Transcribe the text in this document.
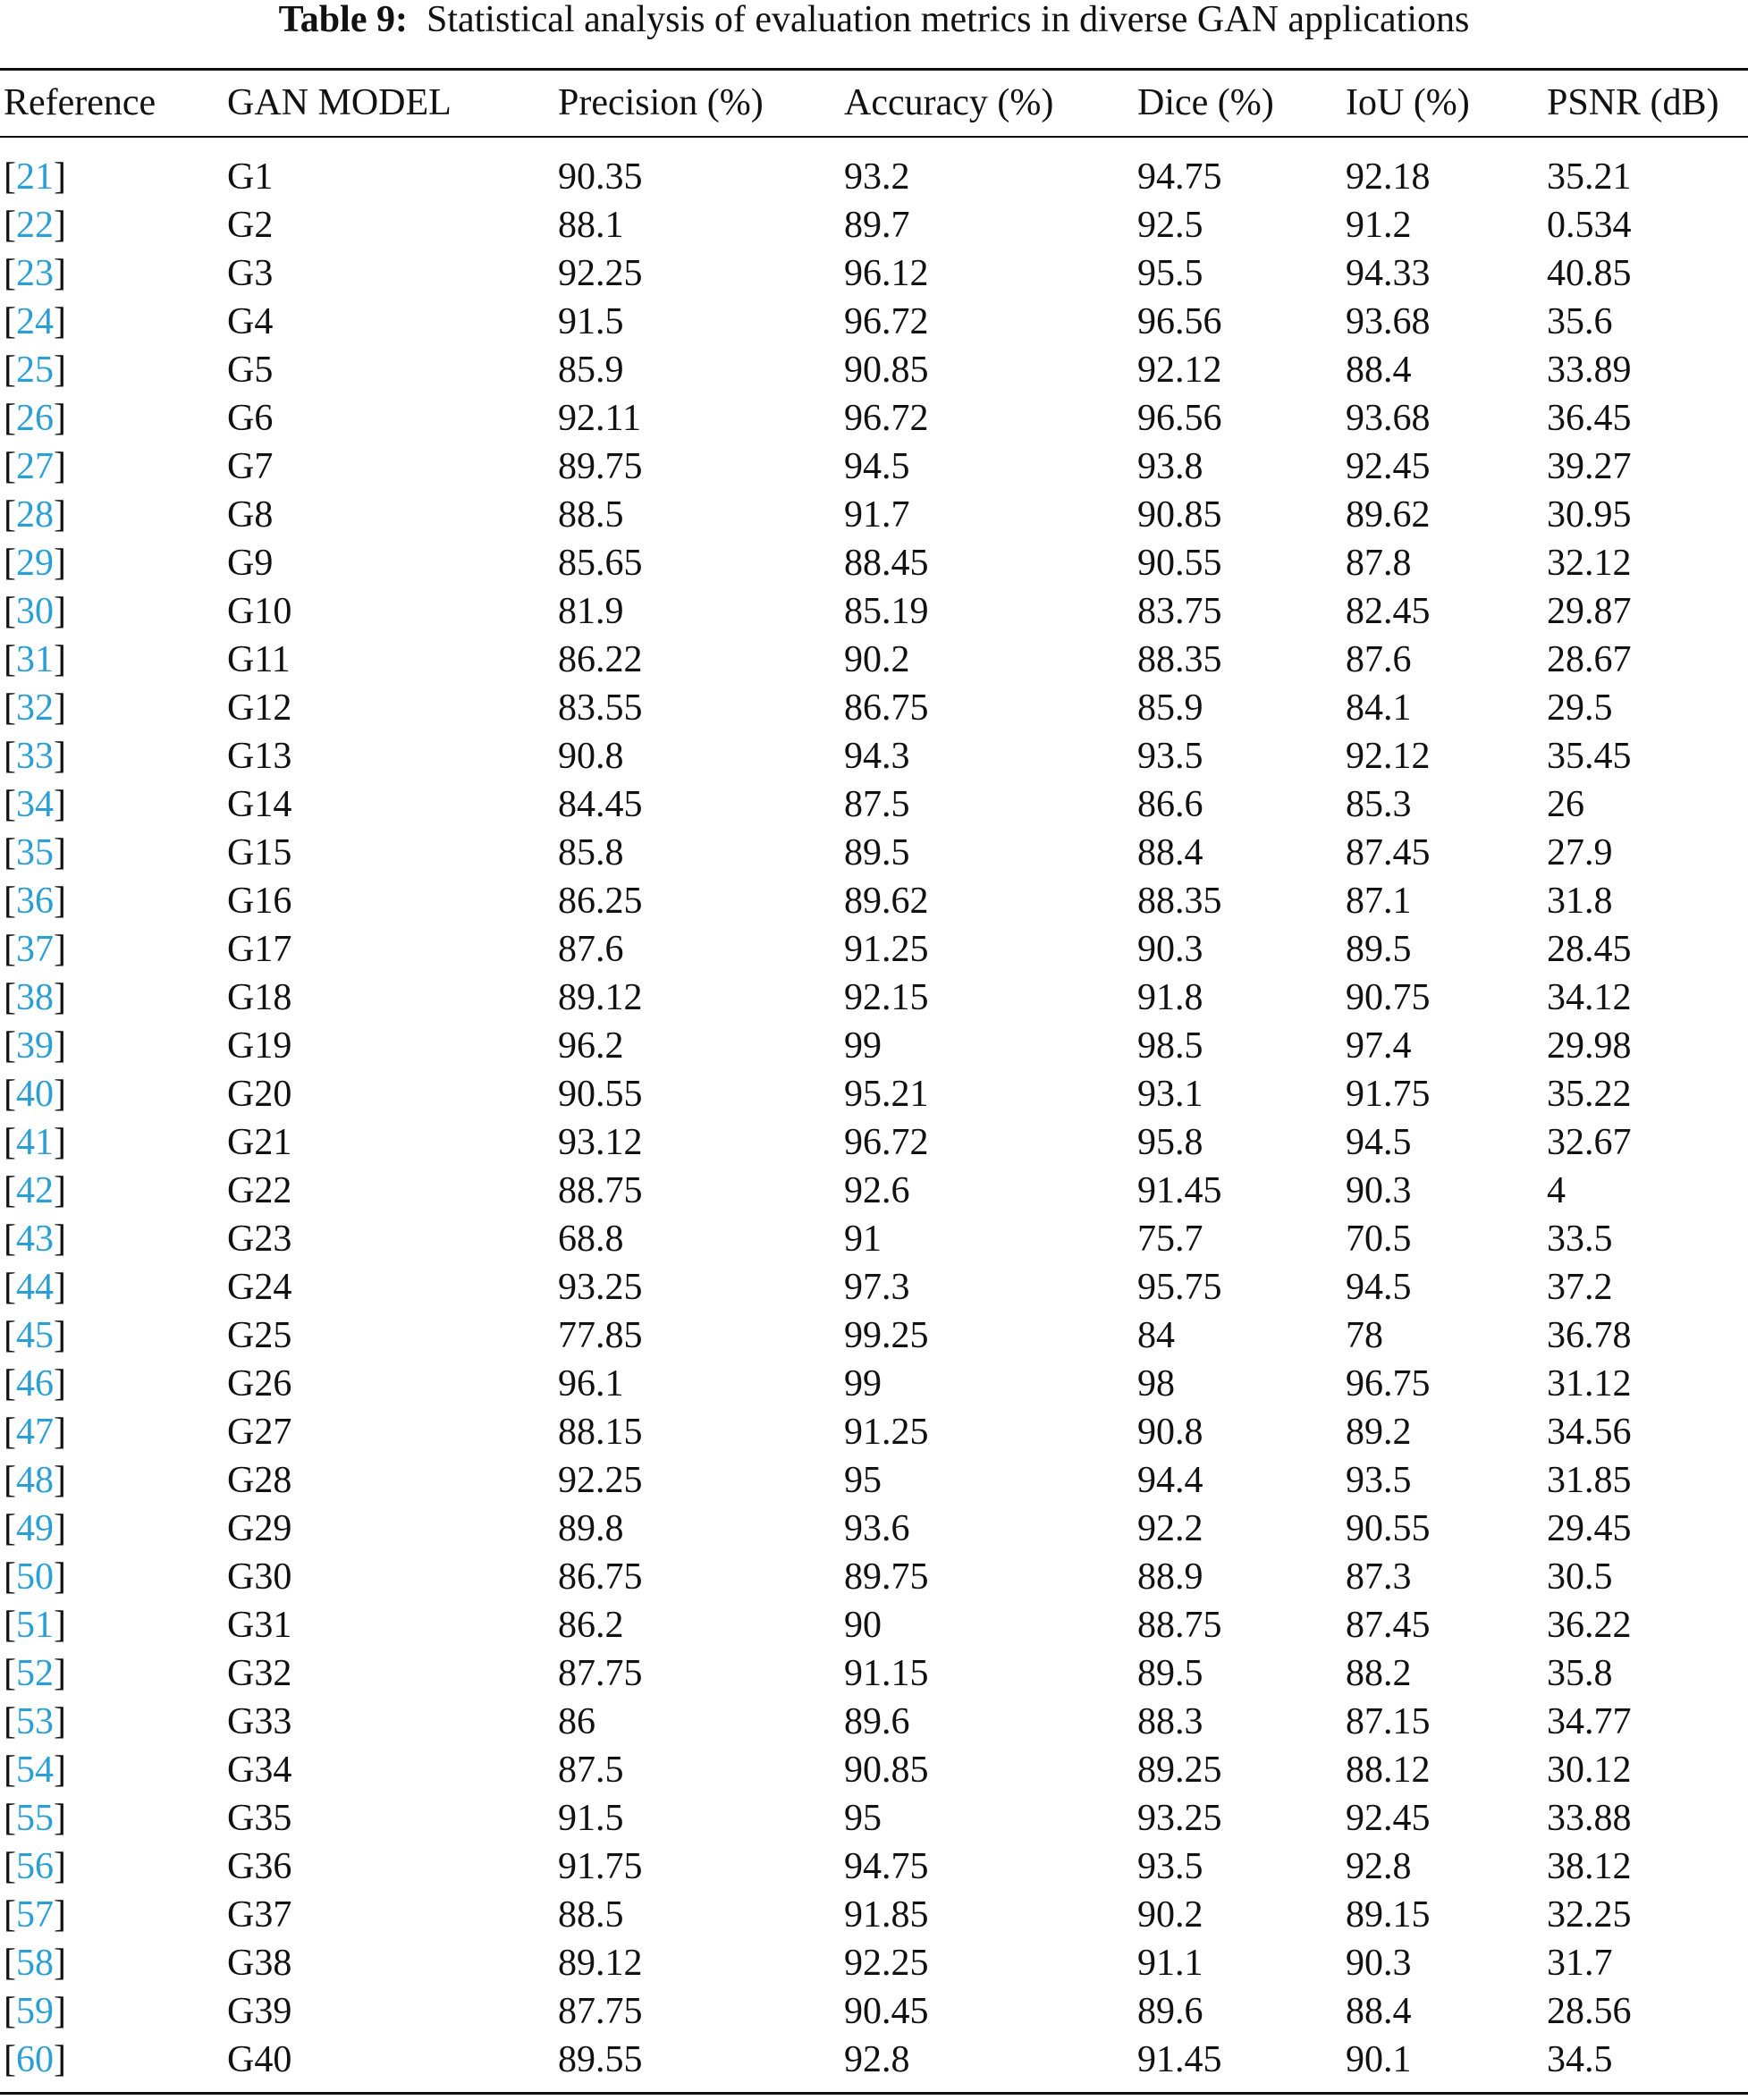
Table 9: Statistical analysis of evaluation metrics in diverse GAN applications
Reference	GAN MODEL	Precision (%)	Accuracy (%)	Dice (%)	IoU (%)	PSNR (dB)
[21]	G1	90.35	93.2	94.75	92.18	35.21
[22]	G2	88.1	89.7	92.5	91.2	0.534
[23]	G3	92.25	96.12	95.5	94.33	40.85
[24]	G4	91.5	96.72	96.56	93.68	35.6
[25]	G5	85.9	90.85	92.12	88.4	33.89
[26]	G6	92.11	96.72	96.56	93.68	36.45
[27]	G7	89.75	94.5	93.8	92.45	39.27
[28]	G8	88.5	91.7	90.85	89.62	30.95
[29]	G9	85.65	88.45	90.55	87.8	32.12
[30]	G10	81.9	85.19	83.75	82.45	29.87
[31]	G11	86.22	90.2	88.35	87.6	28.67
[32]	G12	83.55	86.75	85.9	84.1	29.5
[33]	G13	90.8	94.3	93.5	92.12	35.45
[34]	G14	84.45	87.5	86.6	85.3	26
[35]	G15	85.8	89.5	88.4	87.45	27.9
[36]	G16	86.25	89.62	88.35	87.1	31.8
[37]	G17	87.6	91.25	90.3	89.5	28.45
[38]	G18	89.12	92.15	91.8	90.75	34.12
[39]	G19	96.2	99	98.5	97.4	29.98
[40]	G20	90.55	95.21	93.1	91.75	35.22
[41]	G21	93.12	96.72	95.8	94.5	32.67
[42]	G22	88.75	92.6	91.45	90.3	4
[43]	G23	68.8	91	75.7	70.5	33.5
[44]	G24	93.25	97.3	95.75	94.5	37.2
[45]	G25	77.85	99.25	84	78	36.78
[46]	G26	96.1	99	98	96.75	31.12
[47]	G27	88.15	91.25	90.8	89.2	34.56
[48]	G28	92.25	95	94.4	93.5	31.85
[49]	G29	89.8	93.6	92.2	90.55	29.45
[50]	G30	86.75	89.75	88.9	87.3	30.5
[51]	G31	86.2	90	88.75	87.45	36.22
[52]	G32	87.75	91.15	89.5	88.2	35.8
[53]	G33	86	89.6	88.3	87.15	34.77
[54]	G34	87.5	90.85	89.25	88.12	30.12
[55]	G35	91.5	95	93.25	92.45	33.88
[56]	G36	91.75	94.75	93.5	92.8	38.12
[57]	G37	88.5	91.85	90.2	89.15	32.25
[58]	G38	89.12	92.25	91.1	90.3	31.7
[59]	G39	87.75	90.45	89.6	88.4	28.56
[60]	G40	89.55	92.8	91.45	90.1	34.5
